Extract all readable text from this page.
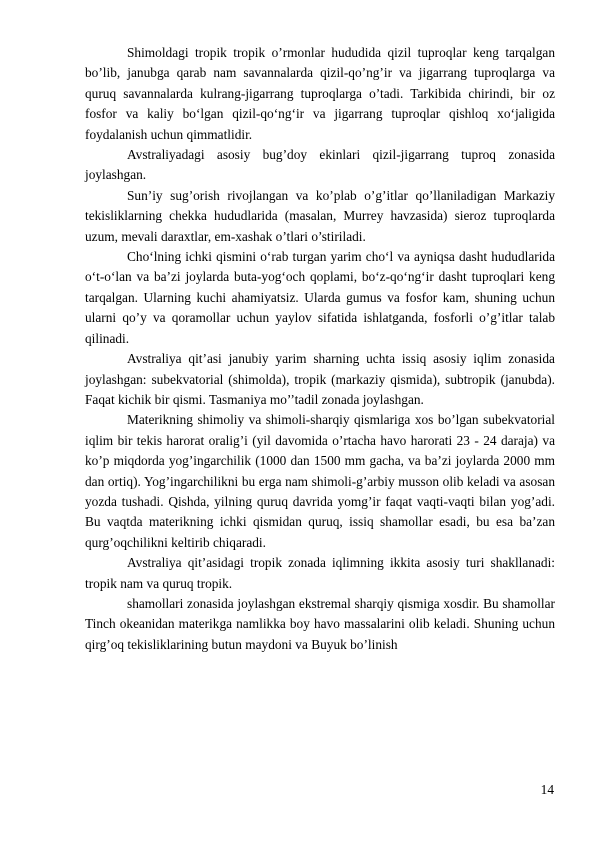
Shimoldagi tropik tropik o’rmonlar hududida qizil tuproqlar keng tarqalgan bo’lib, janubga qarab nam savannalarda qizil-qo’ng’ir va jigarrang tuproqlarga va quruq savannalarda kulrang-jigarrang tuproqlarga o’tadi. Tarkibida chirindi, bir oz fosfor va kaliy bo‘lgan qizil-qo‘ng‘ir va jigarrang tuproqlar qishloq xo‘jaligida foydalanish uchun qimmatlidir.

Avstraliyadagi asosiy bug’doy ekinlari qizil-jigarrang tuproq zonasida joylashgan.

Sun’iy sug’orish rivojlangan va ko’plab o’g’itlar qo’llaniladigan Markaziy tekisliklarning chekka hududlarida (masalan, Murrey havzasida) sieroz tuproqlarda uzum, mevali daraxtlar, em-xashak o’tlari o’stiriladi.

Cho‘lning ichki qismini o‘rab turgan yarim cho‘l va ayniqsa dasht hududlarida o‘t-o‘lan va ba’zi joylarda buta-yog‘och qoplami, bo‘z-qo‘ng‘ir dasht tuproqlari keng tarqalgan. Ularning kuchi ahamiyatsiz. Ularda gumus va fosfor kam, shuning uchun ularni qo’y va qoramollar uchun yaylov sifatida ishlatganda, fosforli o’g’itlar talab qilinadi.

Avstraliya qit’asi janubiy yarim sharning uchta issiq asosiy iqlim zonasida joylashgan: subekvatorial (shimolda), tropik (markaziy qismida), subtropik (janubda). Faqat kichik bir qismi. Tasmaniya mo’’tadil zonada joylashgan.

Materikning shimoliy va shimoli-sharqiy qismlariga xos bo’lgan subekvatorial iqlim bir tekis harorat oralig’i (yil davomida o’rtacha havo harorati 23 - 24 daraja) va ko’p miqdorda yog’ingarchilik (1000 dan 1500 mm gacha, va ba’zi joylarda 2000 mm dan ortiq). Yog’ingarchilikni bu erga nam shimoli-g’arbiy musson olib keladi va asosan yozda tushadi. Qishda, yilning quruq davrida yomg’ir faqat vaqti-vaqti bilan yog’adi. Bu vaqtda materikning ichki qismidan quruq, issiq shamollar esadi, bu esa ba’zan qurg’oqchilikni keltirib chiqaradi.

Avstraliya qit’asidagi tropik zonada iqlimning ikkita asosiy turi shakllanadi: tropik nam va quruq tropik.

shamollari zonasida joylashgan ekstremal sharqiy qismiga xosdir. Bu shamollar Tinch okeanidan materikga namlikka boy havo massalarini olib keladi. Shuning uchun qirg’oq tekisliklarining butun maydoni va Buyuk bo’linish

14
